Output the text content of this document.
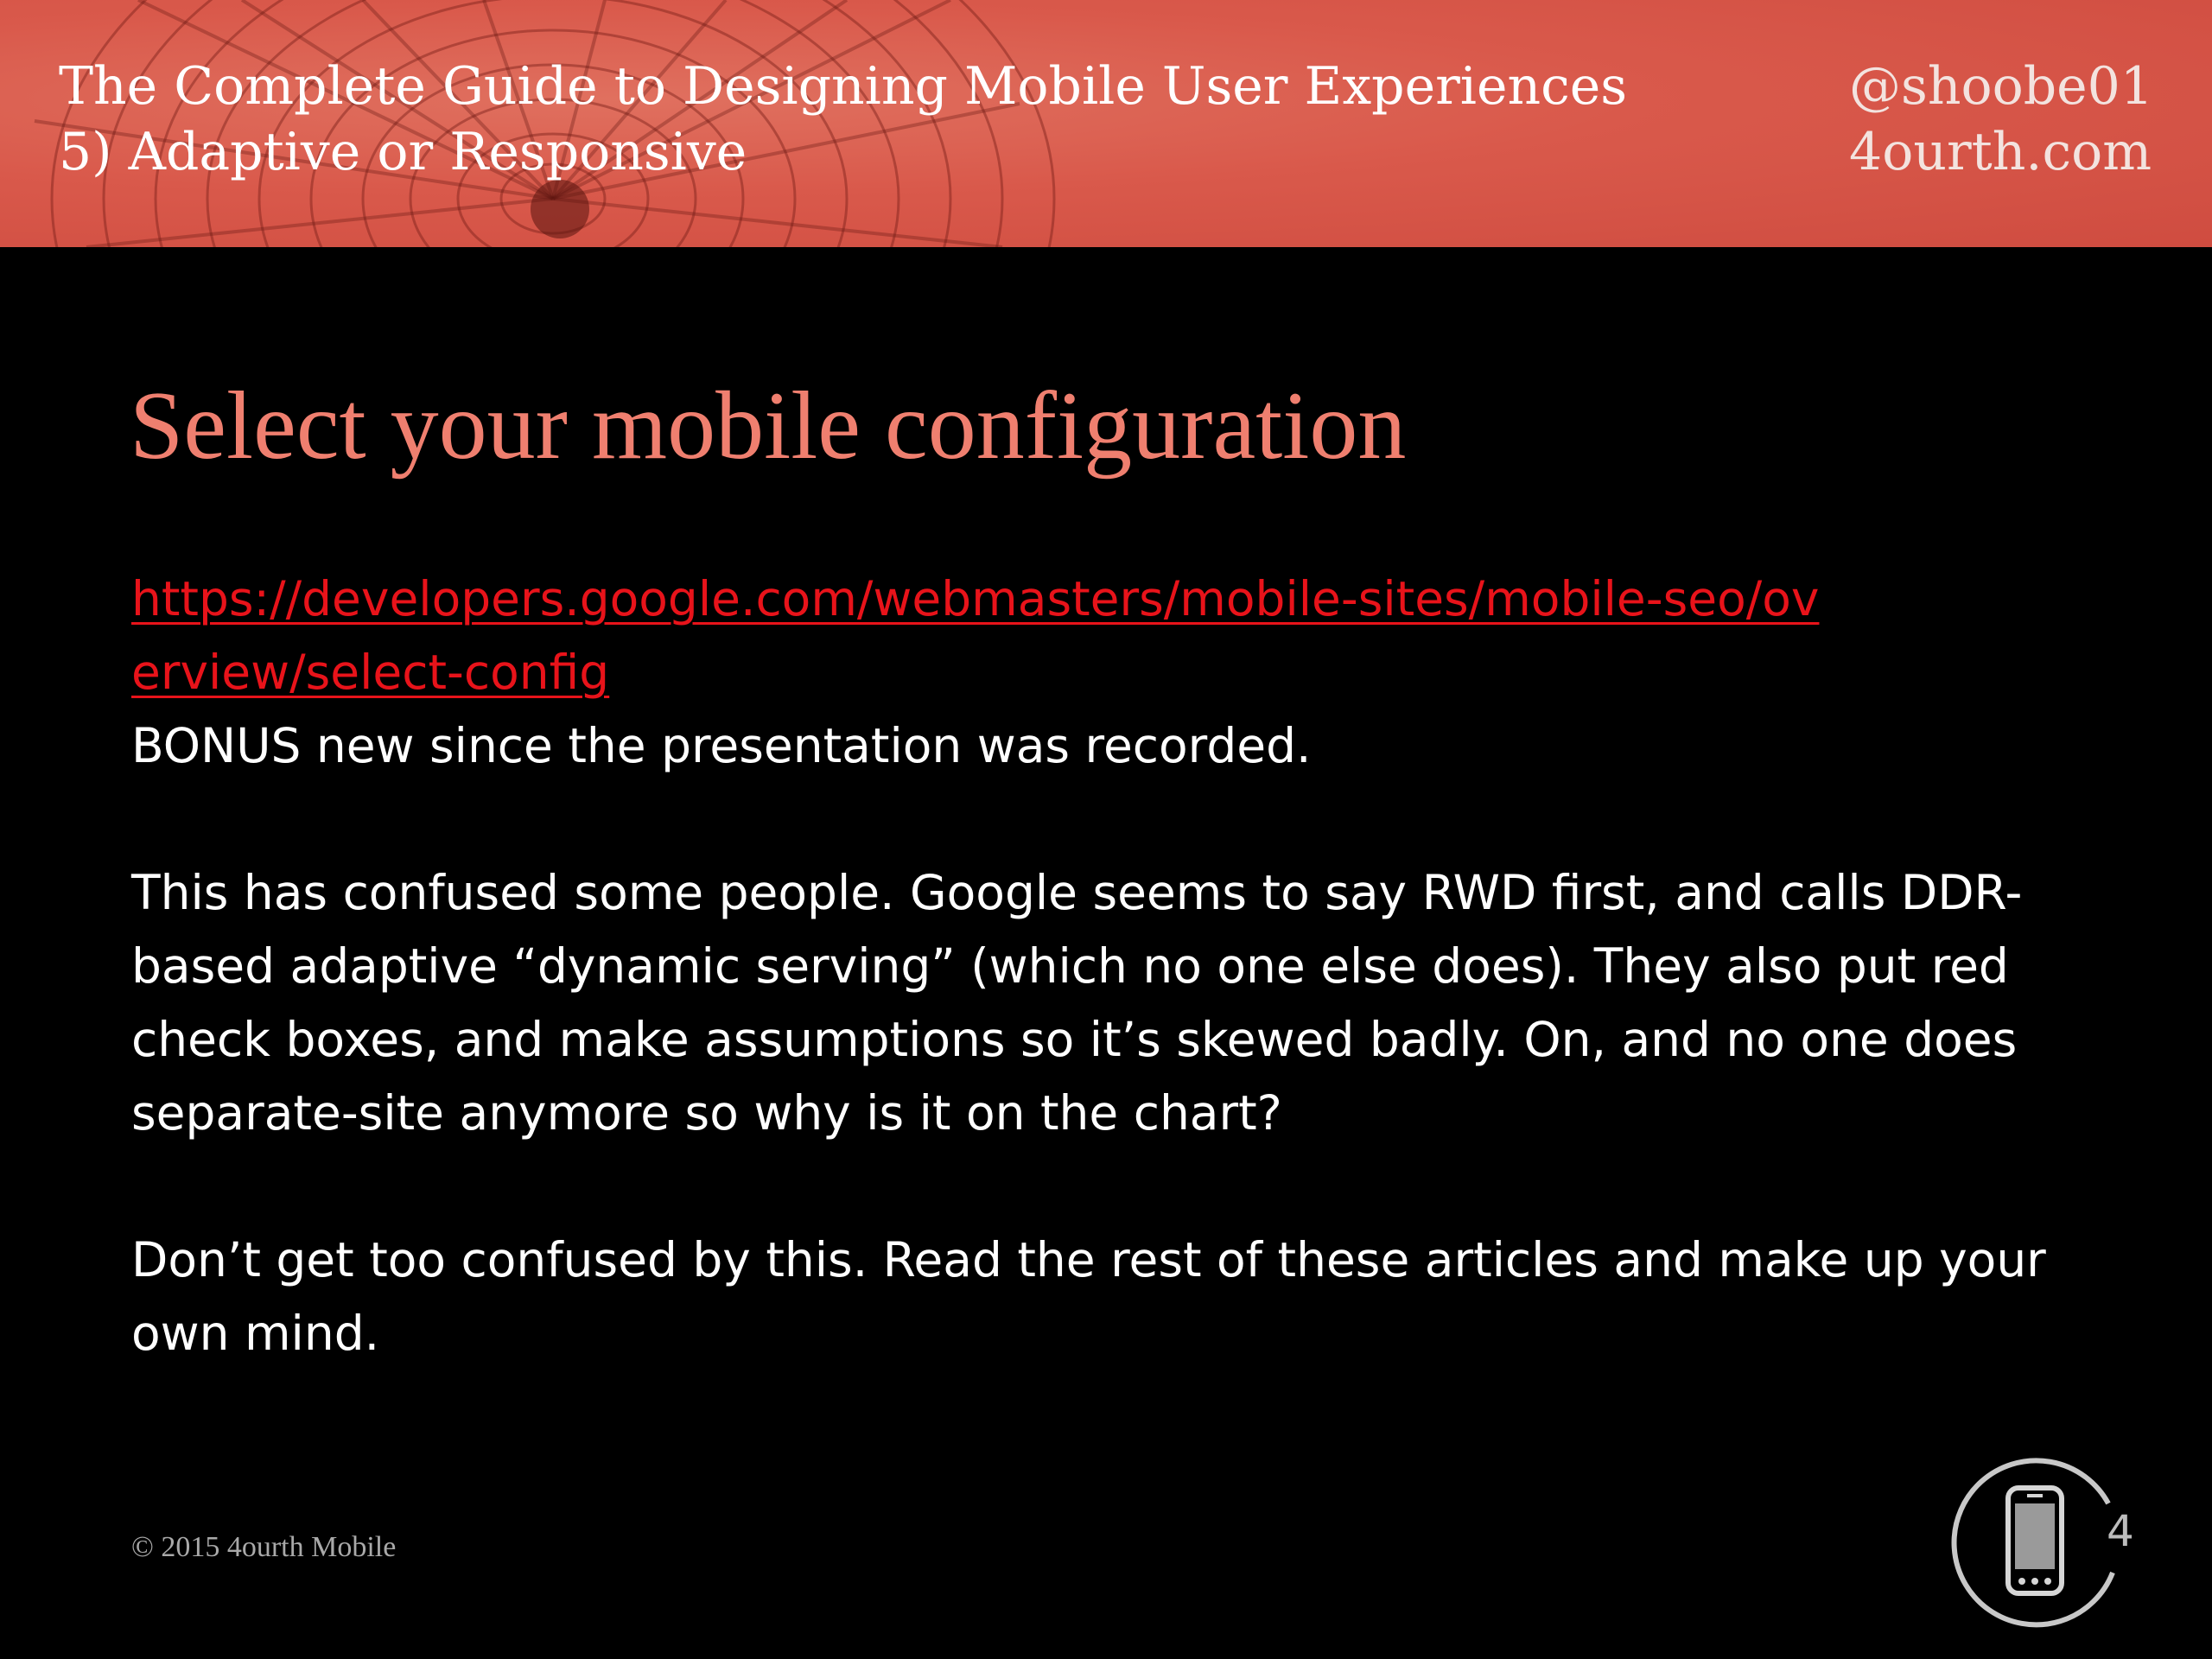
The Complete Guide to Designing Mobile User Experiences
5) Adaptive or Responsive
@shoobe01
4ourth.com
Select your mobile configuration
https://developers.google.com/webmasters/mobile-sites/mobile-seo/overview/select-config

BONUS new since the presentation was recorded.

This has confused some people. Google seems to say RWD first, and calls DDR-based adaptive “dynamic serving” (which no one else does). They also put red check boxes, and make assumptions so it’s skewed badly. On, and no one does separate-site anymore so why is it on the chart?

Don’t get too confused by this. Read the rest of these articles and make up your own mind.

© 2015 4ourth Mobile	4
